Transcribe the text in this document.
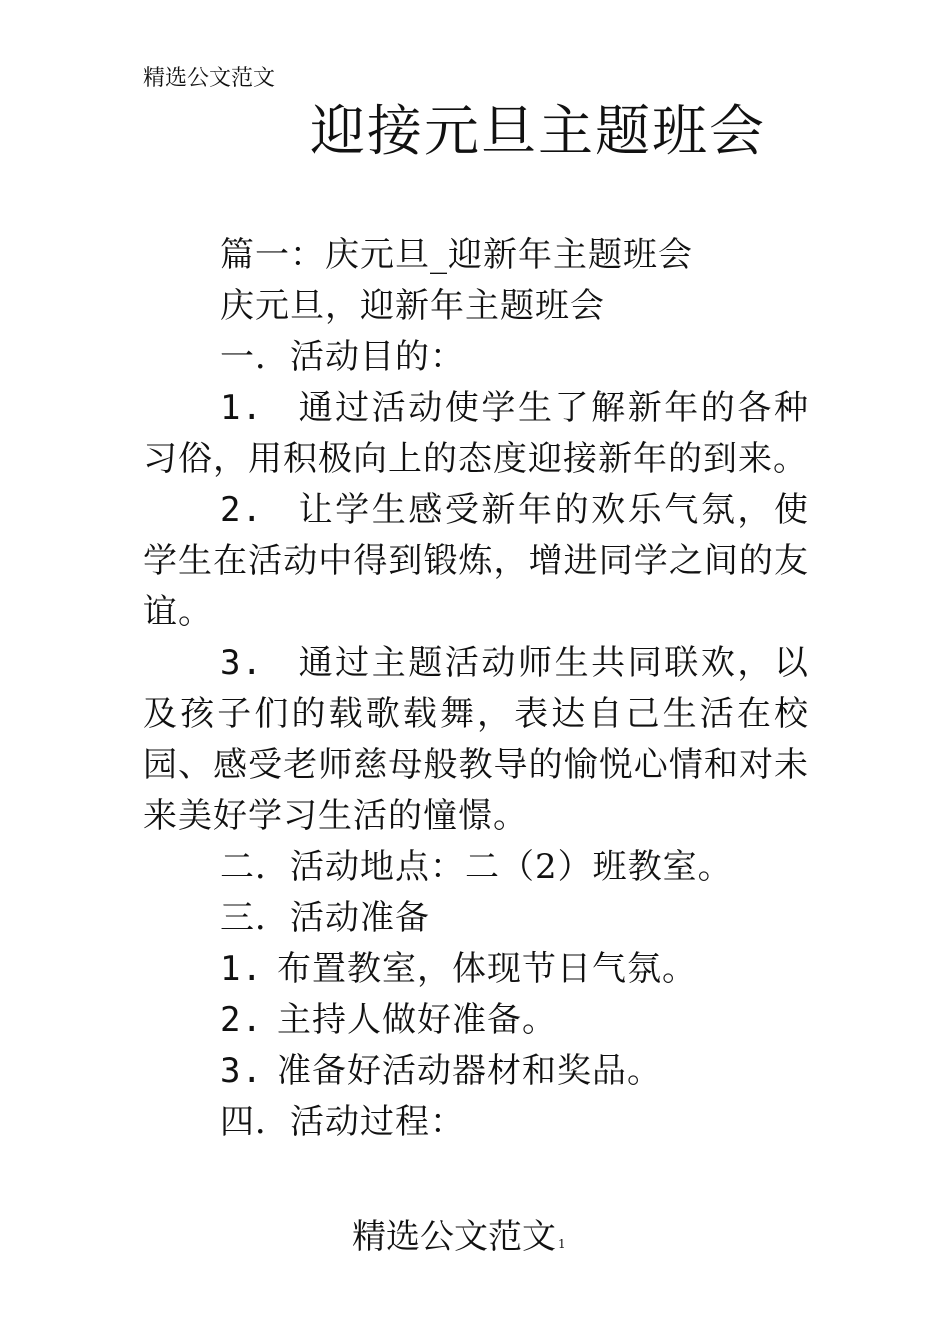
精选公文范文
迎接元旦主题班会

篇一：庆元旦_迎新年主题班会

庆元旦，迎新年主题班会

一．活动目的：

1. 通过活动使学生了解新年的各种习俗，用积极向上的态度迎接新年的到来。

2. 让学生感受新年的欢乐气氛，使学生在活动中得到锻炼，增进同学之间的友谊。

3. 通过主题活动师生共同联欢，以及孩子们的载歌载舞，表达自己生活在校园、感受老师慈母般教导的愉悦心情和对未来美好学习生活的憧憬。

二．活动地点：二（2）班教室。

三．活动准备

1. 布置教室，体现节日气氛。

2. 主持人做好准备。

3. 准备好活动器材和奖品。

四．活动过程：

精选公文范文 1
